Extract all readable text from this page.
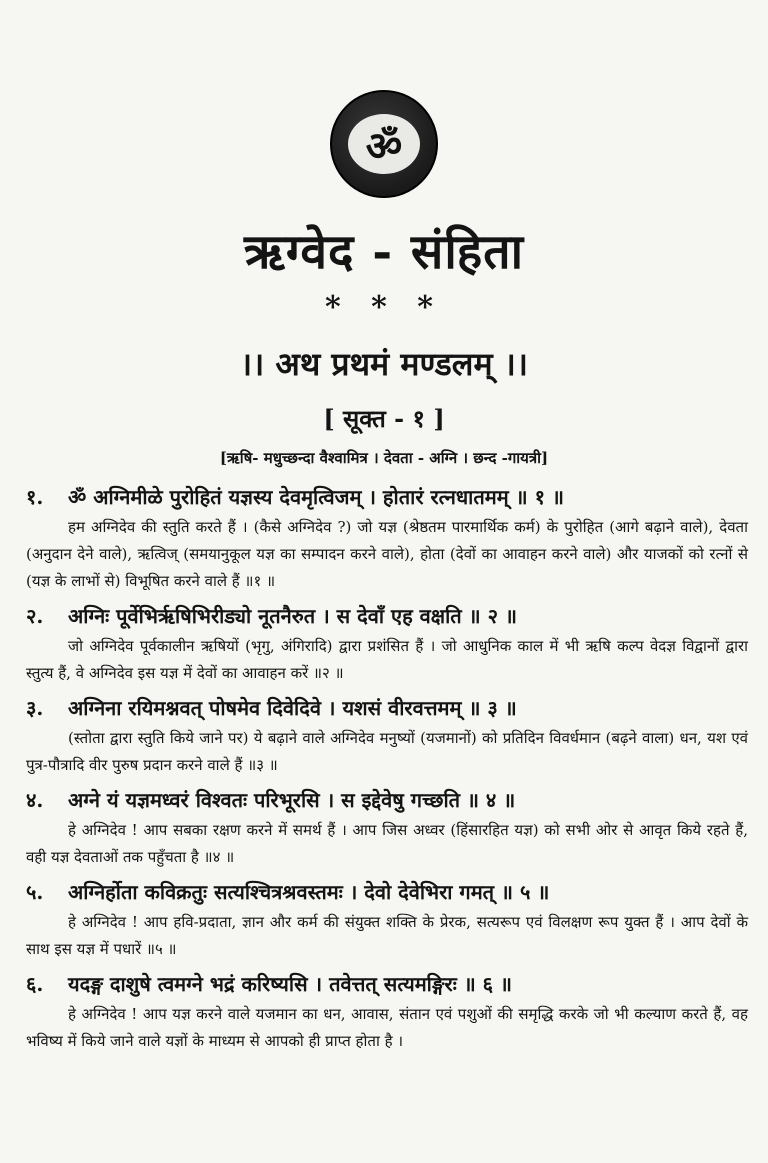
ॐ
ऋग्वेद - संहिता
* * *
।। अथ प्रथमं मण्डलम् ।।
[ सूक्त - १ ]
[ऋषि- मधुच्छन्दा वैश्वामित्र । देवता - अग्नि । छन्द -गायत्री]
१.	ॐ अग्निमीळे पुरोहितं यज्ञस्य देवमृत्विजम् । होतारं रत्नधातमम् ॥ १ ॥
हम अग्निदेव की स्तुति करते हैं । (कैसे अग्निदेव ?) जो यज्ञ (श्रेष्ठतम पारमार्थिक कर्म) के पुरोहित (आगे बढ़ाने वाले), देवता (अनुदान देने वाले), ऋत्विज् (समयानुकूल यज्ञ का सम्पादन करने वाले), होता (देवों का आवाहन करने वाले) और याजकों को रत्नों से (यज्ञ के लाभों से) विभूषित करने वाले हैं ॥१ ॥
२.	अग्निः पूर्वेभिर्ऋषिभिरीड्यो नूतनैरुत । स देवाँ एह वक्षति ॥ २ ॥
जो अग्निदेव पूर्वकालीन ऋषियों (भृगु, अंगिरादि) द्वारा प्रशंसित हैं । जो आधुनिक काल में भी ऋषि कल्प वेदज्ञ विद्वानों द्वारा स्तुत्य हैं, वे अग्निदेव इस यज्ञ में देवों का आवाहन करें ॥२ ॥
३.	अग्निना रयिमश्नवत् पोषमेव दिवेदिवे । यशसं वीरवत्तमम् ॥ ३ ॥
(स्तोता द्वारा स्तुति किये जाने पर) ये बढ़ाने वाले अग्निदेव मनुष्यों (यजमानों) को प्रतिदिन विवर्धमान (बढ़ने वाला) धन, यश एवं पुत्र-पौत्रादि वीर पुरुष प्रदान करने वाले हैं ॥३ ॥
४.	अग्ने यं यज्ञमध्वरं विश्वतः परिभूरसि । स इद्देवेषु गच्छति ॥ ४ ॥
हे अग्निदेव ! आप सबका रक्षण करने में समर्थ हैं । आप जिस अध्वर (हिंसारहित यज्ञ) को सभी ओर से आवृत किये रहते हैं, वही यज्ञ देवताओं तक पहुँचता है ॥४ ॥
५.	अग्निर्होता कविक्रतुः सत्यश्चित्रश्रवस्तमः । देवो देवेभिरा गमत् ॥ ५ ॥
हे अग्निदेव ! आप हवि-प्रदाता, ज्ञान और कर्म की संयुक्त शक्ति के प्रेरक, सत्यरूप एवं विलक्षण रूप युक्त हैं । आप देवों के साथ इस यज्ञ में पधारें ॥५ ॥
६.	यदङ्ग दाशुषे त्वमग्ने भद्रं करिष्यसि । तवेत्तत् सत्यमङ्गिरः ॥ ६ ॥
हे अग्निदेव ! आप यज्ञ करने वाले यजमान का धन, आवास, संतान एवं पशुओं की समृद्धि करके जो भी कल्याण करते हैं, वह भविष्य में किये जाने वाले यज्ञों के माध्यम से आपको ही प्राप्त होता है ।
